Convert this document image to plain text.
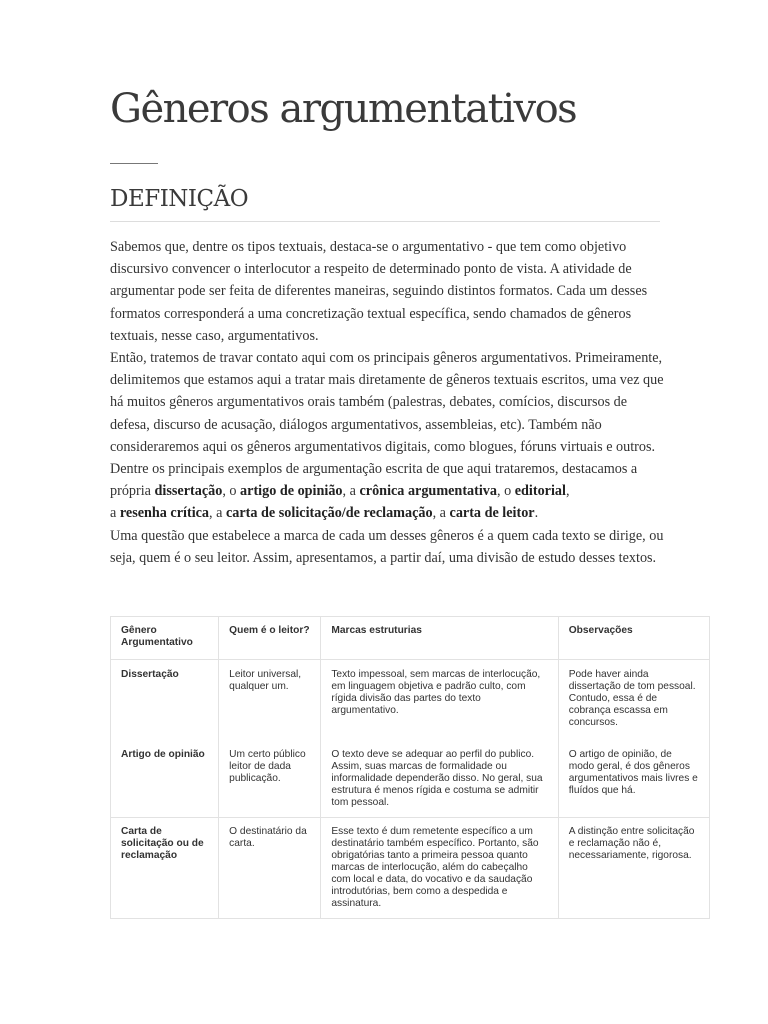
Gêneros argumentativos
DEFINIÇÃO

Sabemos que, dentre os tipos textuais, destaca-se o argumentativo - que tem como objetivo discursivo convencer o interlocutor a respeito de determinado ponto de vista. A atividade de argumentar pode ser feita de diferentes maneiras, seguindo distintos formatos. Cada um desses formatos corresponderá a uma concretização textual específica, sendo chamados de gêneros textuais, nesse caso, argumentativos.

Então, tratemos de travar contato aqui com os principais gêneros argumentativos. Primeiramente, delimitemos que estamos aqui a tratar mais diretamente de gêneros textuais escritos, uma vez que há muitos gêneros argumentativos orais também (palestras, debates, comícios, discursos de defesa, discurso de acusação, diálogos argumentativos, assembleias, etc). Também não consideraremos aqui os gêneros argumentativos digitais, como blogues, fóruns virtuais e outros. Dentre os principais exemplos de argumentação escrita de que aqui trataremos, destacamos a
própria dissertação, o artigo de opinião, a crônica argumentativa, o editorial,
a resenha crítica, a carta de solicitação/de reclamação, a carta de leitor.

Uma questão que estabelece a marca de cada um desses gêneros é a quem cada texto se dirige, ou seja, quem é o seu leitor. Assim, apresentamos, a partir daí, uma divisão de estudo desses textos.

Gênero Argumentativo	Quem é o leitor?	Marcas estruturias	Observações
Dissertação	Leitor universal, qualquer um.	Texto impessoal, sem marcas de interlocução, em linguagem objetiva e padrão culto, com rígida divisão das partes do texto argumentativo.	Pode haver ainda dissertação de tom pessoal. Contudo, essa é de cobrança escassa em concursos.
Artigo de opinião	Um certo público leitor de dada publicação.	O texto deve se adequar ao perfil do publico. Assim, suas marcas de formalidade ou informalidade dependerão disso. No geral, sua estrutura é menos rígida e costuma se admitir tom pessoal.	O artigo de opinião, de modo geral, é dos gêneros argumentativos mais livres e fluídos que há.
Carta de solicitação ou de reclamação	O destinatário da carta.	Esse texto é dum remetente específico a um destinatário também específico. Portanto, são obrigatórias tanto a primeira pessoa quanto marcas de interlocução, além do cabeçalho com local e data, do vocativo e da saudação introdutórias, bem como a despedida e assinatura.	A distinção entre solicitação e reclamação não é, necessariamente, rigorosa.
